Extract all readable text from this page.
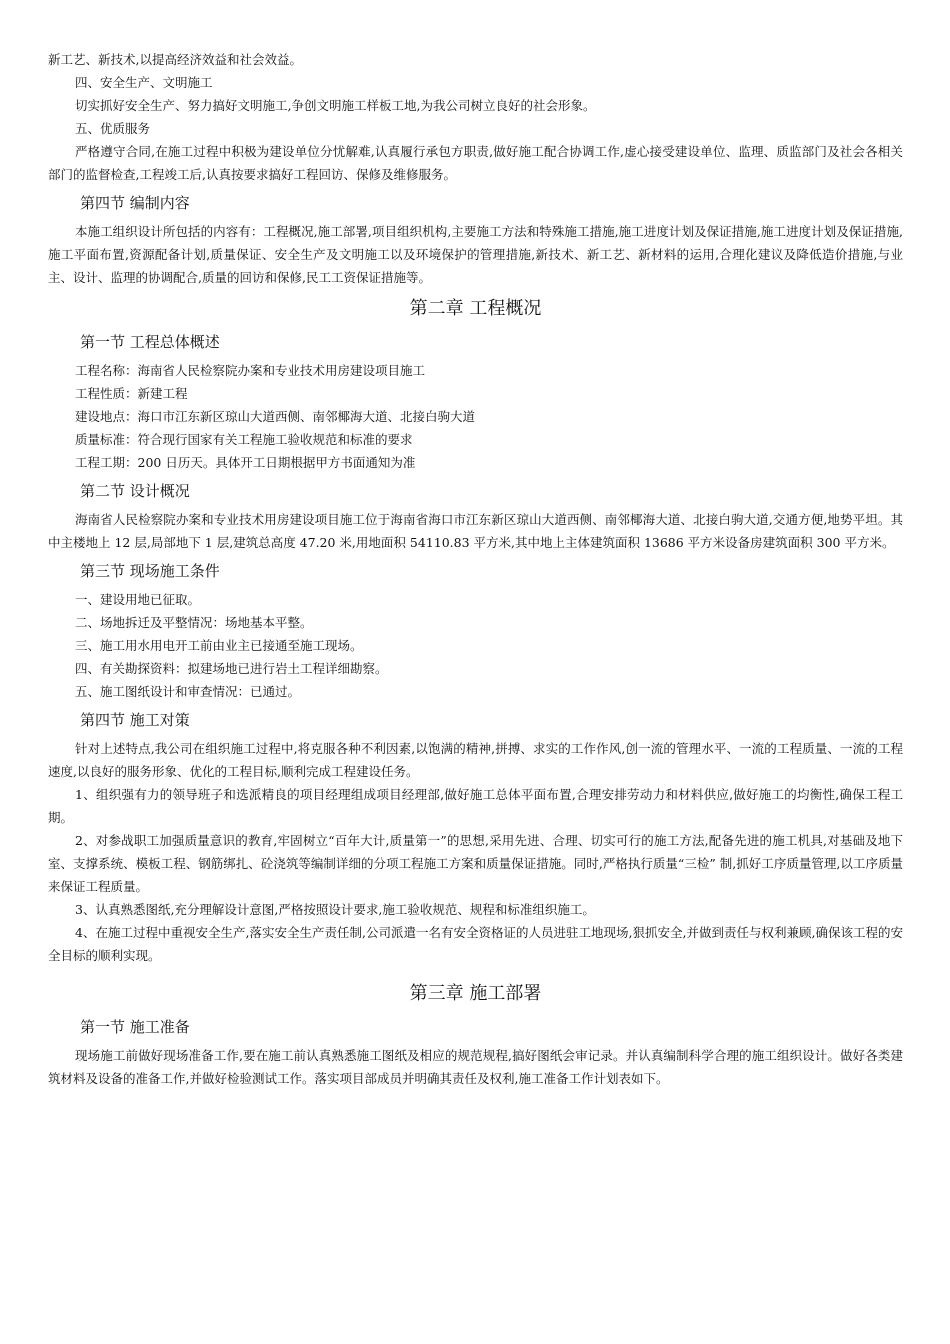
新工艺、新技术,以提高经济效益和社会效益。

四、安全生产、文明施工

切实抓好安全生产、努力搞好文明施工,争创文明施工样板工地,为我公司树立良好的社会形象。

五、优质服务

严格遵守合同,在施工过程中积极为建设单位分忧解难,认真履行承包方职责,做好施工配合协调工作,虚心接受建设单位、监理、质监部门及社会各相关部门的监督检查,工程竣工后,认真按要求搞好工程回访、保修及维修服务。

第四节 编制内容

本施工组织设计所包括的内容有：工程概况,施工部署,项目组织机构,主要施工方法和特殊施工措施,施工进度计划及保证措施,施工进度计划及保证措施,施工平面布置,资源配备计划,质量保证、安全生产及文明施工以及环境保护的管理措施,新技术、新工艺、新材料的运用,合理化建议及降低造价措施,与业主、设计、监理的协调配合,质量的回访和保修,民工工资保证措施等。

第二章 工程概况
第一节 工程总体概述

工程名称：海南省人民检察院办案和专业技术用房建设项目施工

工程性质：新建工程

建设地点：海口市江东新区琼山大道西侧、南邻椰海大道、北接白驹大道

质量标准：符合现行国家有关工程施工验收规范和标准的要求

工程工期：200 日历天。具体开工日期根据甲方书面通知为准

第二节 设计概况

海南省人民检察院办案和专业技术用房建设项目施工位于海南省海口市江东新区琼山大道西侧、南邻椰海大道、北接白驹大道,交通方便,地势平坦。其中主楼地上 12 层,局部地下 1 层,建筑总高度 47.20 米,用地面积 54110.83 平方米,其中地上主体建筑面积 13686 平方米设备房建筑面积 300 平方米。

第三节 现场施工条件

一、建设用地已征取。

二、场地拆迁及平整情况：场地基本平整。

三、施工用水用电开工前由业主已接通至施工现场。

四、有关勘探资料：拟建场地已进行岩土工程详细勘察。

五、施工图纸设计和审查情况：已通过。

第四节 施工对策

针对上述特点,我公司在组织施工过程中,将克服各种不利因素,以饱满的精神,拼搏、求实的工作作风,创一流的管理水平、一流的工程质量、一流的工程速度,以良好的服务形象、优化的工程目标,顺利完成工程建设任务。

1、组织强有力的领导班子和选派精良的项目经理组成项目经理部,做好施工总体平面布置,合理安排劳动力和材料供应,做好施工的均衡性,确保工程工期。

2、对参战职工加强质量意识的教育,牢固树立“百年大计,质量第一”的思想,采用先进、合理、切实可行的施工方法,配备先进的施工机具,对基础及地下室、支撑系统、模板工程、钢筋绑扎、砼浇筑等编制详细的分项工程施工方案和质量保证措施。同时,严格执行质量“三检” 制,抓好工序质量管理,以工序质量来保证工程质量。

3、认真熟悉图纸,充分理解设计意图,严格按照设计要求,施工验收规范、规程和标准组织施工。

4、在施工过程中重视安全生产,落实安全生产责任制,公司派遣一名有安全资格证的人员进驻工地现场,狠抓安全,并做到责任与权利兼顾,确保该工程的安全目标的顺利实现。

第三章 施工部署
第一节 施工准备

现场施工前做好现场准备工作,要在施工前认真熟悉施工图纸及相应的规范规程,搞好图纸会审记录。并认真编制科学合理的施工组织设计。做好各类建筑材料及设备的准备工作,并做好检验测试工作。落实项目部成员并明确其责任及权利,施工准备工作计划表如下。
